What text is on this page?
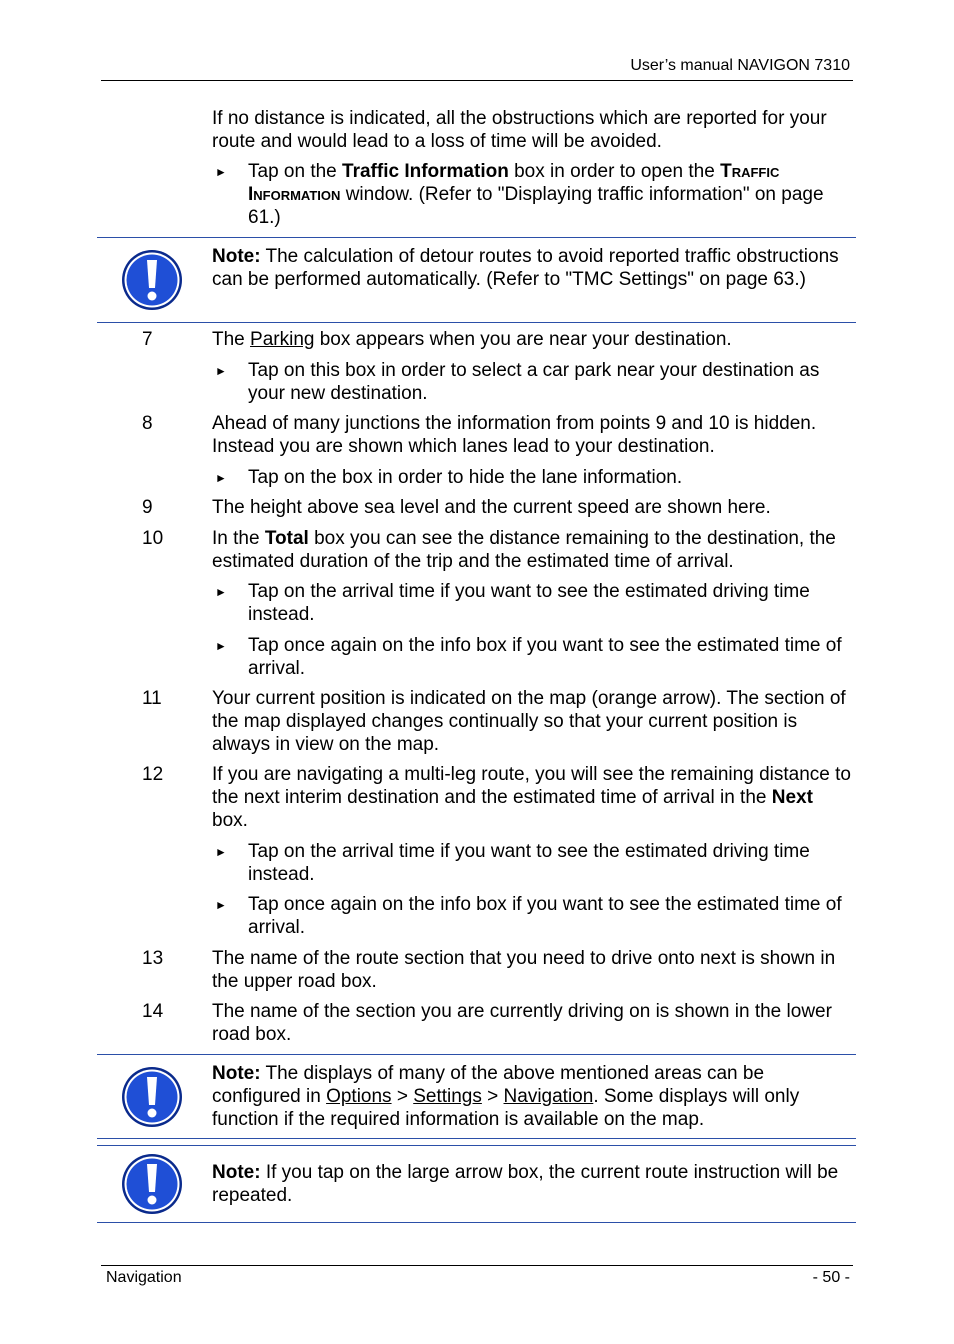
User’s manual NAVIGON 7310
If no distance is indicated, all the obstructions which are reported for your route and would lead to a loss of time will be avoided.
► Tap on the Traffic Information box in order to open the Traffic Information window. (Refer to "Displaying traffic information" on page 61.)
Note: The calculation of detour routes to avoid reported traffic obstructions can be performed automatically. (Refer to "TMC Settings" on page 63.)
7	The Parking box appears when you are near your destination.
► Tap on this box in order to select a car park near your destination as your new destination.
8	Ahead of many junctions the information from points 9 and 10 is hidden. Instead you are shown which lanes lead to your destination.
► Tap on the box in order to hide the lane information.
9	The height above sea level and the current speed are shown here.
10	In the Total box you can see the distance remaining to the destination, the estimated duration of the trip and the estimated time of arrival.
► Tap on the arrival time if you want to see the estimated driving time instead.
► Tap once again on the info box if you want to see the estimated time of arrival.
11	Your current position is indicated on the map (orange arrow). The section of the map displayed changes continually so that your current position is always in view on the map.
12	If you are navigating a multi-leg route, you will see the remaining distance to the next interim destination and the estimated time of arrival in the Next box.
► Tap on the arrival time if you want to see the estimated driving time instead.
► Tap once again on the info box if you want to see the estimated time of arrival.
13	The name of the route section that you need to drive onto next is shown in the upper road box.
14	The name of the section you are currently driving on is shown in the lower road box.
Note: The displays of many of the above mentioned areas can be configured in Options > Settings > Navigation. Some displays will only function if the required information is available on the map.
Note: If you tap on the large arrow box, the current route instruction will be repeated.
Navigation	- 50 -
